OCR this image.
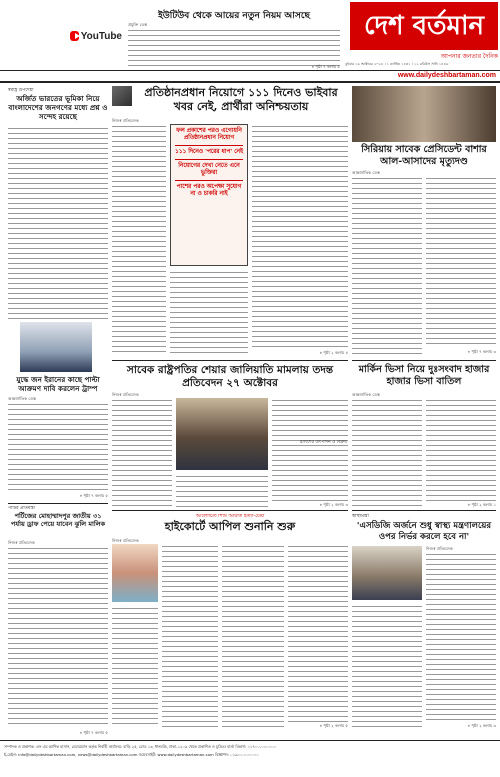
YouTube
ইউটিউব থেকে আয়ের নতুন নিয়ম আসছে
প্রযুক্তি ডেস্ক
» পৃষ্ঠা ৭ কলাম ৫
দেশ বর্তমান
আপনার জনতার দৈনিক
বুধবার ১৬ অক্টোবর ২০২৪ । ১ কার্তিক ১৪৩১ । ১২ রবিউস সানি ১৪৪৬
www.dailydeshbartaman.com
স্বরাষ্ট্র উপদেষ্টা
অর্জিত ভারতের ভূমিকা নিয়ে বাংলাদেশের জনগণের মধ্যে প্রশ্ন ও সন্দেহ রয়েছে
প্রতিষ্ঠানপ্রধান নিয়োগে ১১১ দিনেও ভাইবার খবর নেই, প্রার্থীরা অনিশ্চয়তায়
নিজস্ব প্রতিবেদক
ফল প্রকাশের পরও এগোয়নি প্রতিষ্ঠানপ্রধান নিয়োগ
১১১ দিনেও 'পরের ধাপ' নেই
নিয়োগের দেখা নেতে এনে ভুক্তিরা
পাশের পরও অপেক্ষা সুযোগ না ও চাকরি নাই
» পৃষ্ঠা ২ কলাম ৪
সিরিয়ায় সাবেক প্রেসিডেন্ট বাশার আল-আসাদের মৃত্যুদণ্ড
আন্তর্জাতিক ডেস্ক
» পৃষ্ঠা ৭ কলাম ৩
যুদ্ধে জন ইরানের কাছে পাল্টা আক্রমণ দাবি করলেন ট্রাম্প
আন্তর্জাতিক ডেস্ক
» পৃষ্ঠা ৭ কলাম ৫
সাবেক রাষ্ট্রপতির শেয়ার জালিয়াতি মামলায় তদন্ত প্রতিবেদন ২৭ অক্টোবর
নিজস্ব প্রতিবেদক
» পৃষ্ঠা ২ কলাম ৩
মার্কিন ভিসা নিয়ে দুঃসংবাদ হাজার হাজার ভিসা বাতিল
আন্তর্জাতিক ডেস্ক
» পৃষ্ঠা ২ কলাম ১
পার্টির প্রতিমন্ত্রী
পর্টিজের মোহাম্মাদপুর জাতীয় ৩১ পর্যায় ড্রাফ পেয়ে যাবেন ঝুলি মালিক
নিজস্ব প্রতিবেদক
» পৃষ্ঠা ৭ কলাম ৫
আলোচিত শিশু আয়াত হত্যা-চেষ্টা
হাইকোর্টে আপিল শুনানি শুরু
নিজস্ব প্রতিবেদক
» পৃষ্ঠা ২ কলাম ৫
ইলিশের উৎপাদন ও বিক্রয়
স্বাস্থ্যমন্ত্রী
'এসডিজি অর্জনে শুধু স্বাস্থ্য মন্ত্রণালয়ের ওপর নির্ভর করলে হবে না'
নিজস্ব প্রতিবেদক
» পৃষ্ঠা ২ কলাম ৩
সম্পাদক ও প্রকাশক: এস এম আশিক হাসান, চেয়ারম্যান কর্তৃক নির্বাহী কার্যালয়: বাড়ি ২৫, রোড ১৩, ধানমন্ডি, ঢাকা-১২০৯ থেকে প্রকাশিত ও মুদ্রিত। বার্তা বিভাগ: ০১৭০০-০০০০০০
ই-মেইল: info@dailydeshbartaman.com, news@dailydeshbartaman.com ওয়েবসাইট: www.dailydeshbartaman.com বিজ্ঞাপন: ০১৯০০-০০০০০০
